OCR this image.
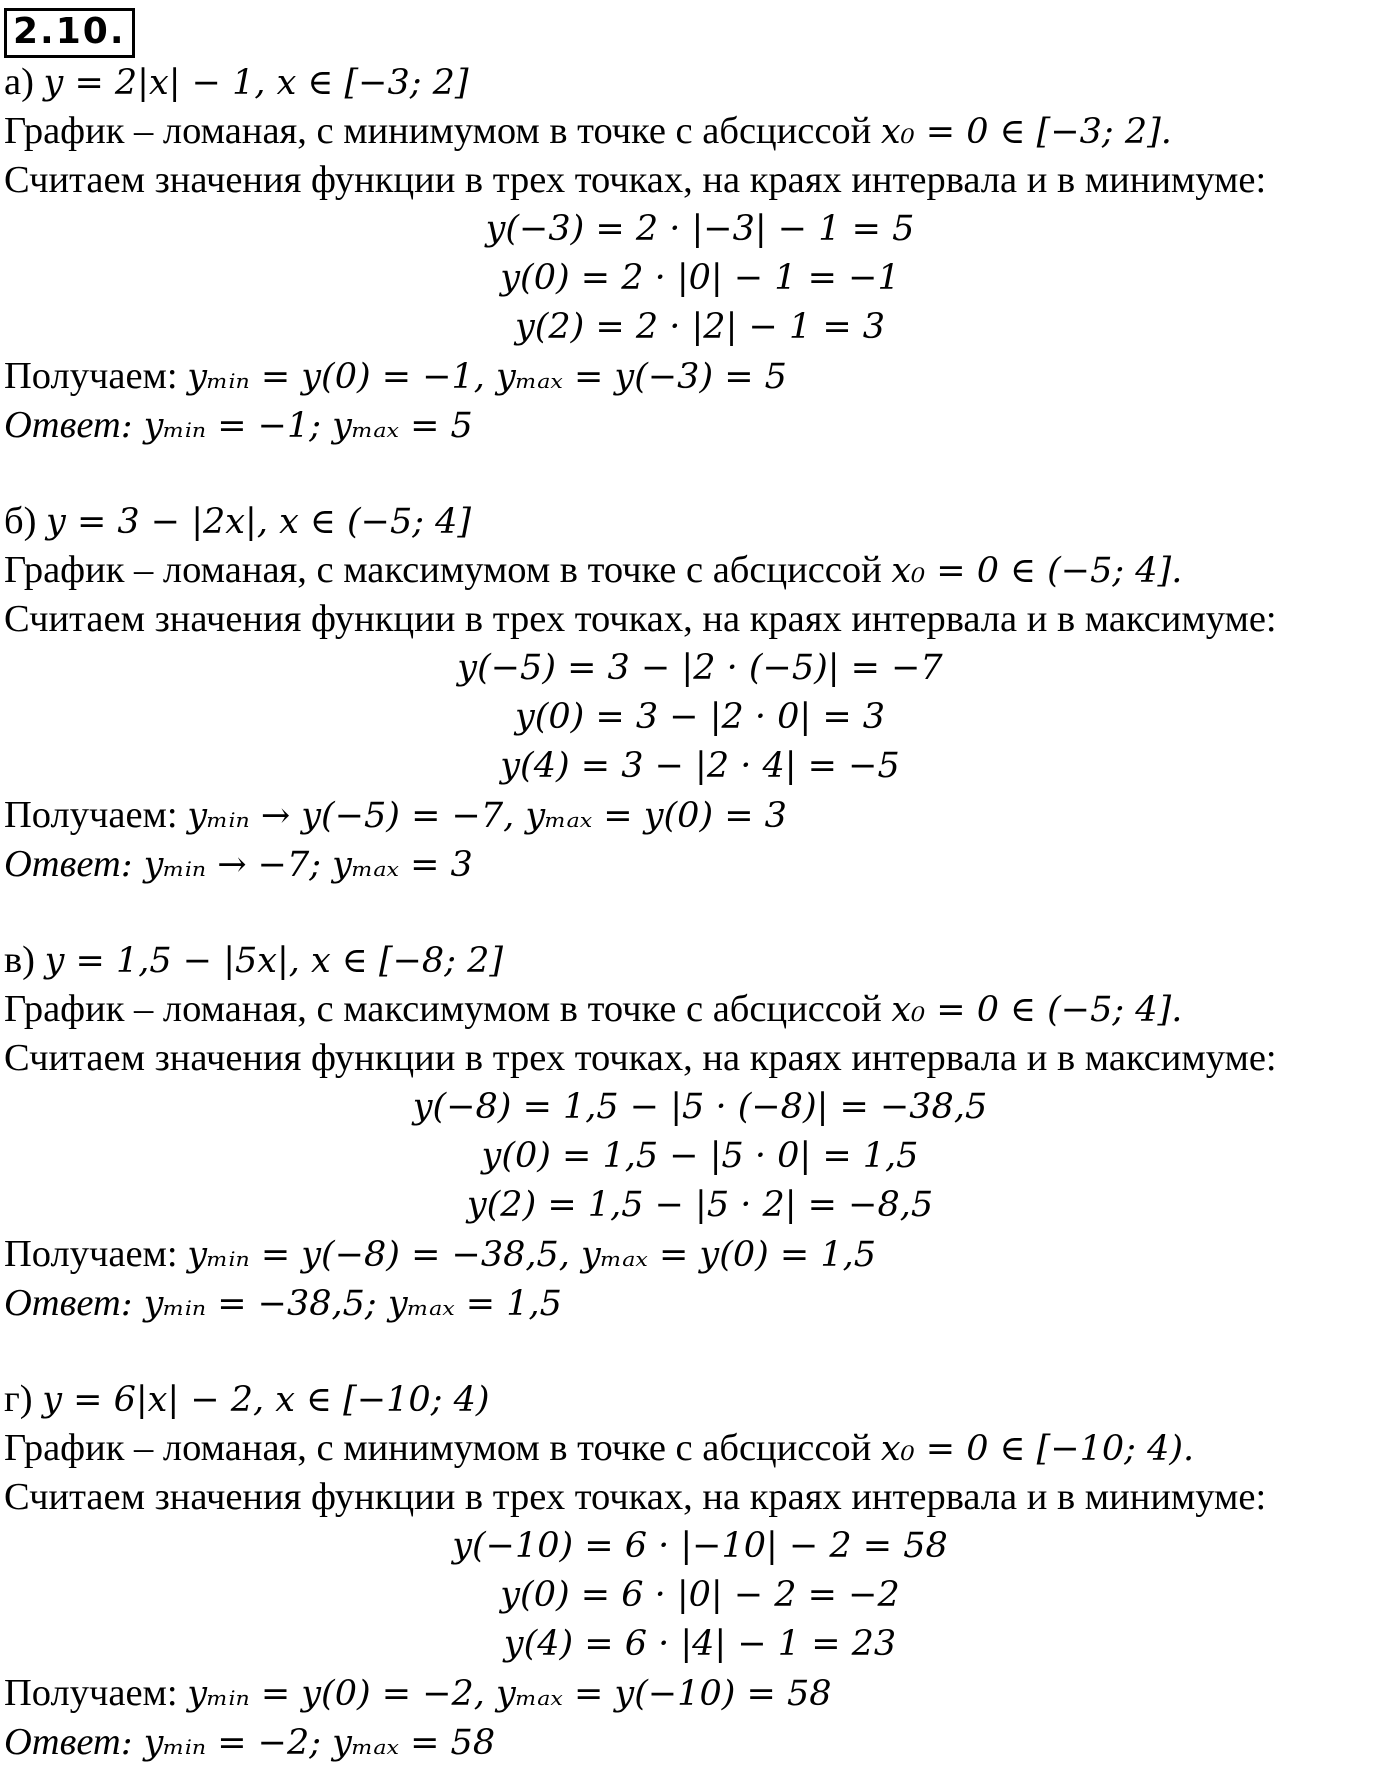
2.10.
а) y = 2|x| − 1, x ∈ [−3; 2]
График – ломаная, с минимумом в точке с абсциссой x₀ = 0 ∈ [−3; 2].
Считаем значения функции в трех точках, на краях интервала и в минимуме:
y(−3) = 2 · |−3| − 1 = 5
y(0) = 2 · |0| − 1 = −1
y(2) = 2 · |2| − 1 = 3
Получаем: yₘᵢₙ = y(0) = −1, yₘₐₓ = y(−3) = 5
Ответ: yₘᵢₙ = −1; yₘₐₓ = 5
б) y = 3 − |2x|, x ∈ (−5; 4]
График – ломаная, с максимумом в точке с абсциссой x₀ = 0 ∈ (−5; 4].
Считаем значения функции в трех точках, на краях интервала и в максимуме:
y(−5) = 3 − |2 · (−5)| = −7
y(0) = 3 − |2 · 0| = 3
y(4) = 3 − |2 · 4| = −5
Получаем: yₘᵢₙ → y(−5) = −7, yₘₐₓ = y(0) = 3
Ответ: yₘᵢₙ → −7; yₘₐₓ = 3
в) y = 1,5 − |5x|, x ∈ [−8; 2]
График – ломаная, с максимумом в точке с абсциссой x₀ = 0 ∈ (−5; 4].
Считаем значения функции в трех точках, на краях интервала и в максимуме:
y(−8) = 1,5 − |5 · (−8)| = −38,5
y(0) = 1,5 − |5 · 0| = 1,5
y(2) = 1,5 − |5 · 2| = −8,5
Получаем: yₘᵢₙ = y(−8) = −38,5, yₘₐₓ = y(0) = 1,5
Ответ: yₘᵢₙ = −38,5; yₘₐₓ = 1,5
г) y = 6|x| − 2, x ∈ [−10; 4)
График – ломаная, с минимумом в точке с абсциссой x₀ = 0 ∈ [−10; 4).
Считаем значения функции в трех точках, на краях интервала и в минимуме:
y(−10) = 6 · |−10| − 2 = 58
y(0) = 6 · |0| − 2 = −2
y(4) = 6 · |4| − 1 = 23
Получаем: yₘᵢₙ = y(0) = −2, yₘₐₓ = y(−10) = 58
Ответ: yₘᵢₙ = −2; yₘₐₓ = 58
